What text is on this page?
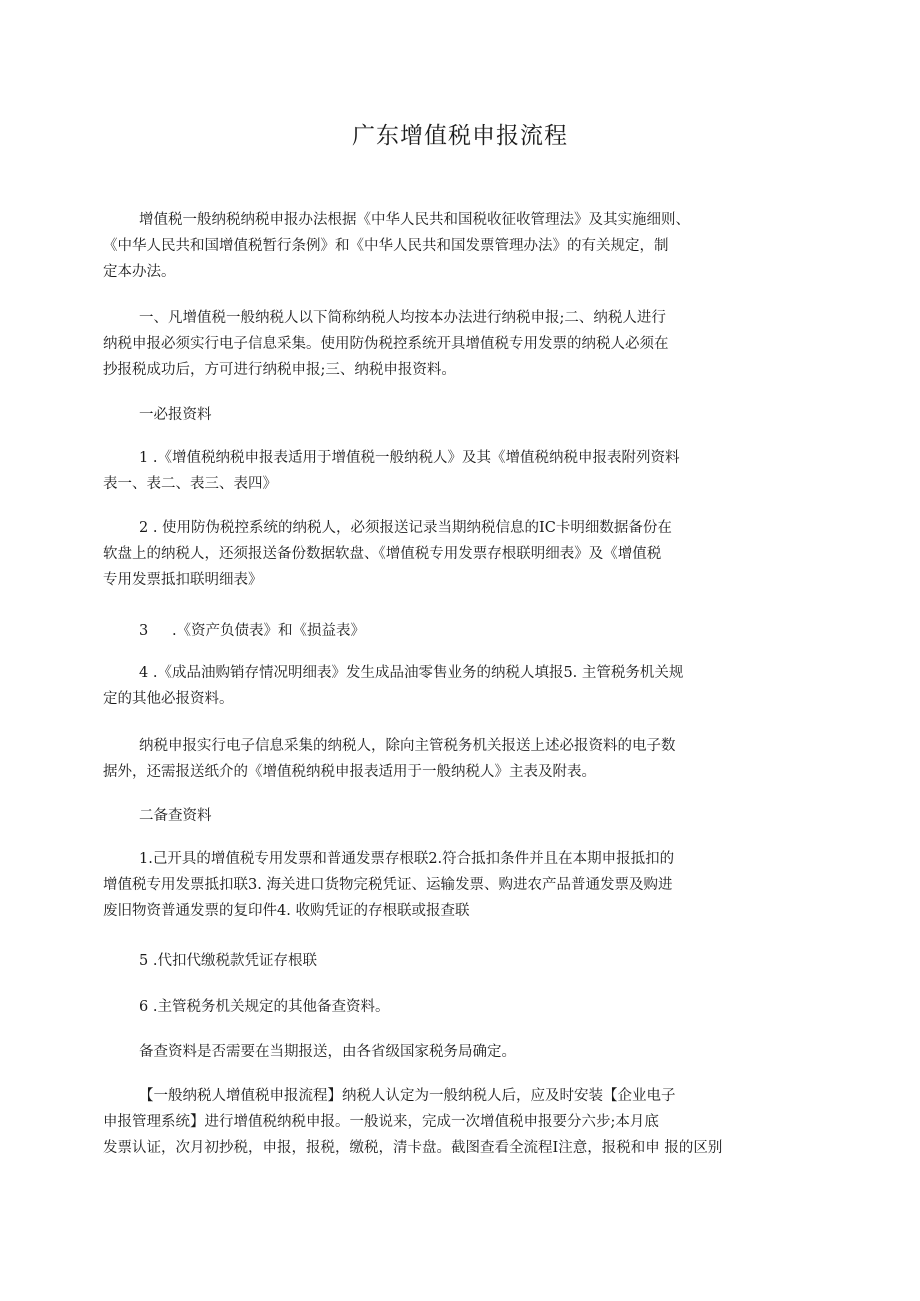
广东增值税申报流程
增值税一般纳税纳税申报办法根据《中华人民共和国税收征收管理法》及其实施细则、
《中华人民共和国增值税暂行条例》和《中华人民共和国发票管理办法》的有关规定，制
定本办法。
一、凡增值税一般纳税人以下简称纳税人均按本办法进行纳税申报;二、纳税人进行
纳税申报必须实行电子信息采集。使用防伪税控系统开具增值税专用发票的纳税人必须在
抄报税成功后，方可进行纳税申报;三、纳税申报资料。
一必报资料
1 .《增值税纳税申报表适用于增值税一般纳税人》及其《增值税纳税申报表附列资料
表一、表二、表三、表四》
2 . 使用防伪税控系统的纳税人，必须报送记录当期纳税信息的IC卡明细数据备份在
软盘上的纳税人，还须报送备份数据软盘、《增值税专用发票存根联明细表》及《增值税
专用发票抵扣联明细表》
3 　 .《资产负债表》和《损益表》
4 .《成品油购销存情况明细表》发生成品油零售业务的纳税人填报5. 主管税务机关规
定的其他必报资料。
纳税申报实行电子信息采集的纳税人，除向主管税务机关报送上述必报资料的电子数
据外，还需报送纸介的《增值税纳税申报表适用于一般纳税人》主表及附表。
二备查资料
1.己开具的增值税专用发票和普通发票存根联2.符合抵扣条件并且在本期申报抵扣的
增值税专用发票抵扣联3. 海关进口货物完税凭证、运输发票、购进农产品普通发票及购进
废旧物资普通发票的复印件4. 收购凭证的存根联或报查联
5 .代扣代缴税款凭证存根联
6 .主管税务机关规定的其他备查资料。
备查资料是否需要在当期报送，由各省级国家税务局确定。
【一般纳税人增值税申报流程】纳税人认定为一般纳税人后，应及时安装【企业电子
申报管理系统】进行增值税纳税申报。一般说来，完成一次增值税申报要分六步;本月底
发票认证，次月初抄税，申报，报税，缴税，清卡盘。截图查看全流程I注意，报税和申 报的区别
